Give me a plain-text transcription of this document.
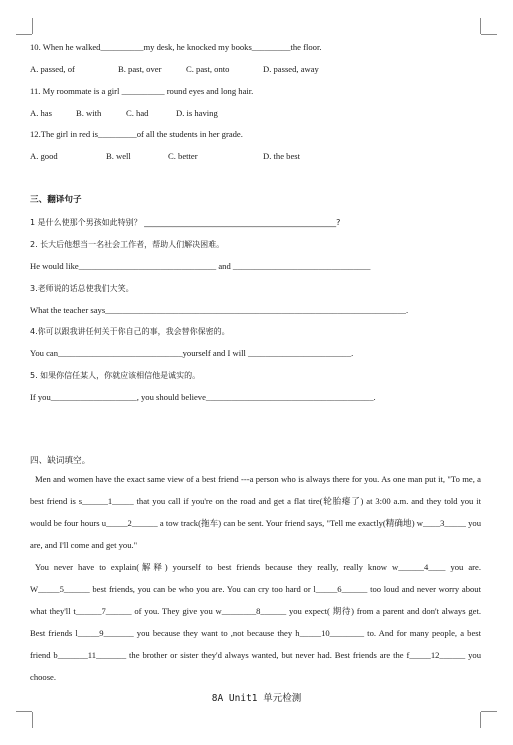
10. When he walked__________my desk, he knocked my books_________the floor.
A. passed, of	B. past, over	C. past, onto	D. passed, away
11. My roommate is a girl __________ round eyes and long hair.
A. has	B. with	C. had	D. is having
12.The girl in red is_________of all the students in her grade.
A. good	B. well	C. better	D. the best
三、翻译句子
1 是什么使那个男孩如此特别？ ________________________________________________?
2. 长大后他想当一名社会工作者，帮助人们解决困难。
He would like________________________________ and ________________________________
3.老师说的话总使我们大笑。
What the teacher says______________________________________________________________________.
4.你可以跟我讲任何关于你自己的事，我会替你保密的。
You can_____________________________yourself and I will ________________________.
5. 如果你信任某人，你就应该相信他是诚实的。
If you____________________, you should believe_______________________________________.
四、缺词填空。

Men and women have the exact same view of a best friend ---a person who is always there for you. As one man put it, "To me, a best friend is s______1_____ that you call if you're on the road and get a flat tire(轮胎瘪了) at 3:00 a.m. and they told you it would be four hours u_____2______ a tow track(拖车) can be sent. Your friend says, "Tell me exactly(精确地) w____3_____ you are, and I'll come and get you."

You never have to explain(解释) yourself to best friends because they really, really know w______4____ you are. W_____5______ best friends, you can be who you are. You can cry too hard or l_____6______ too loud and never worry about what they'll t______7______ of you. They give you w________8______ you expect( 期待) from a parent and don't always get. Best friends l_____9_______ you because they want to ,not because they h_____10________ to. And for many people, a best friend b_______11_______ the brother or sister they'd always wanted, but never had. Best friends are the f_____12______ you choose.

8A Unit1 单元检测
